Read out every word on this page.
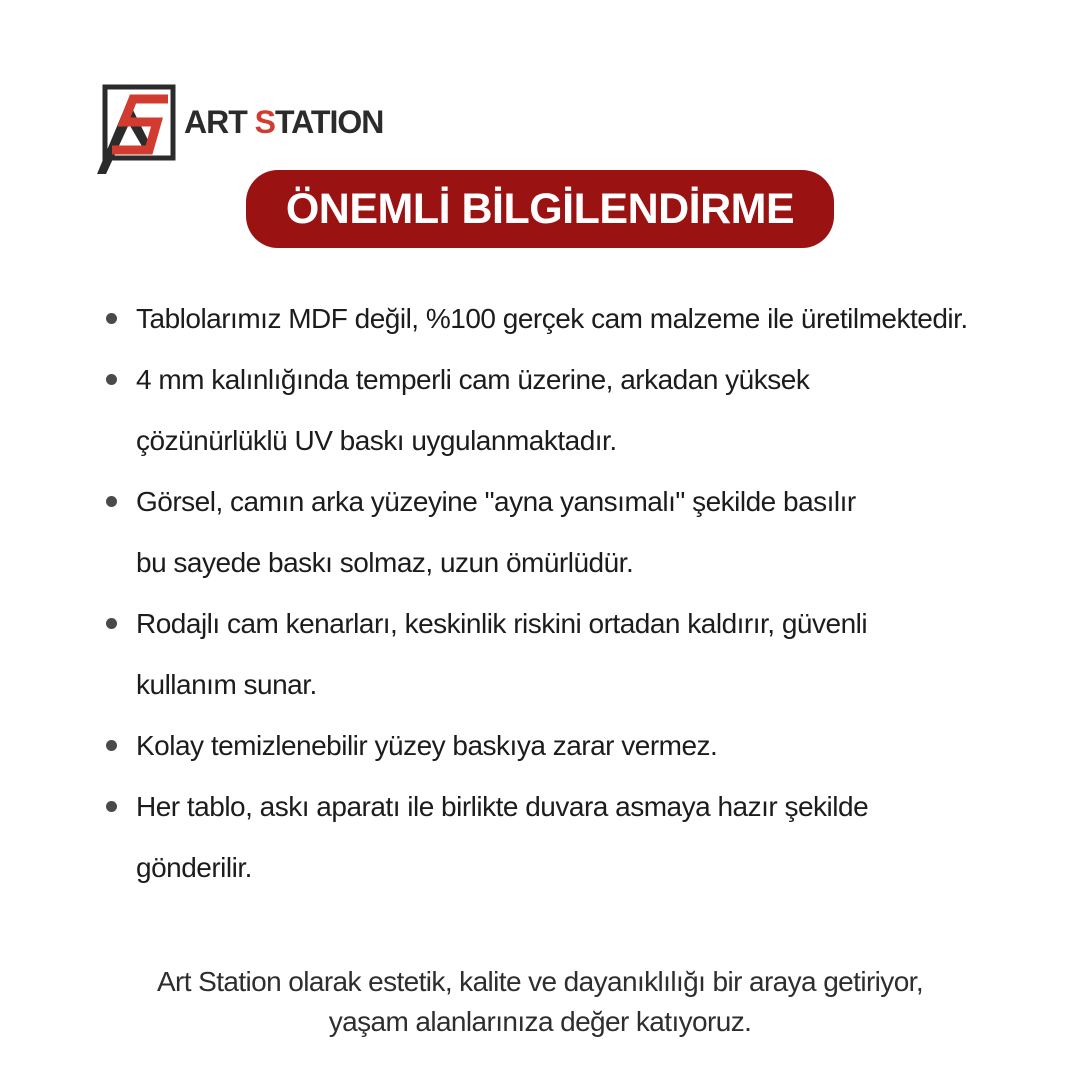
ART STATION
ÖNEMLİ BİLGİLENDİRME

Tablolarımız MDF değil, %100 gerçek cam malzeme ile üretilmektedir.

4 mm kalınlığında temperli cam üzerine, arkadan yüksek

çözünürlüklü UV baskı uygulanmaktadır.

Görsel, camın arka yüzeyine "ayna yansımalı" şekilde basılır

bu sayede baskı solmaz, uzun ömürlüdür.

Rodajlı cam kenarları, keskinlik riskini ortadan kaldırır, güvenli

kullanım sunar.

Kolay temizlenebilir yüzey baskıya zarar vermez.

Her tablo, askı aparatı ile birlikte duvara asmaya hazır şekilde

gönderilir.

Art Station olarak estetik, kalite ve dayanıklılığı bir araya getiriyor,

yaşam alanlarınıza değer katıyoruz.
